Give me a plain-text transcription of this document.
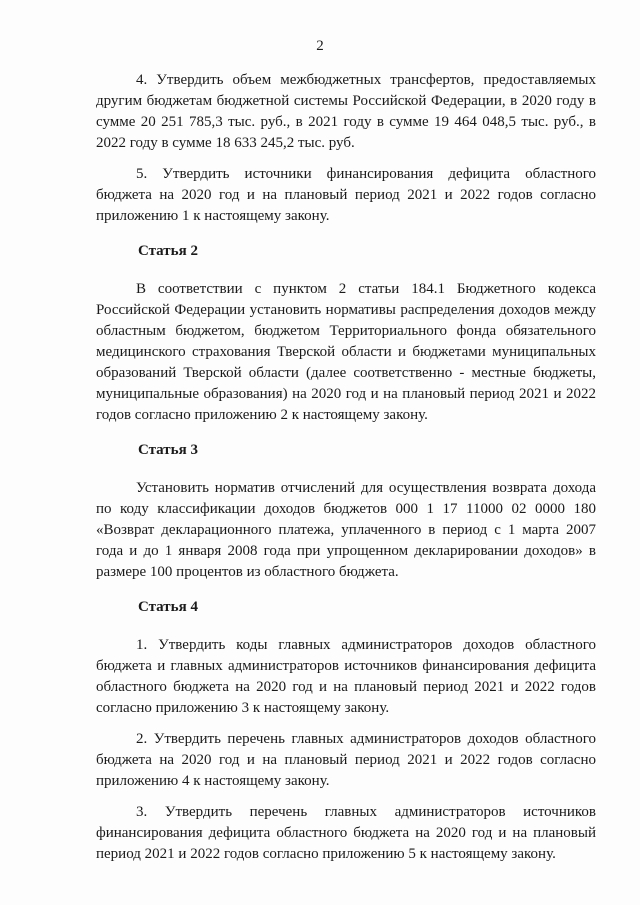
2

4. Утвердить объем межбюджетных трансфертов, предоставляемых другим бюджетам бюджетной системы Российской Федерации, в 2020 году в сумме 20 251 785,3 тыс. руб., в 2021 году в сумме 19 464 048,5 тыс. руб., в 2022 году в сумме 18 633 245,2 тыс. руб.

5. Утвердить источники финансирования дефицита областного бюджета на 2020 год и на плановый период 2021 и 2022 годов согласно приложению 1 к настоящему закону.

Статья 2

В соответствии с пунктом 2 статьи 184.1 Бюджетного кодекса Российской Федерации установить нормативы распределения доходов между областным бюджетом, бюджетом Территориального фонда обязательного медицинского страхования Тверской области и бюджетами муниципальных образований Тверской области (далее соответственно - местные бюджеты, муниципальные образования) на 2020 год и на плановый период 2021 и 2022 годов согласно приложению 2 к настоящему закону.

Статья 3

Установить норматив отчислений для осуществления возврата дохода по коду классификации доходов бюджетов 000 1 17 11000 02 0000 180 «Возврат декларационного платежа, уплаченного в период с 1 марта 2007 года и до 1 января 2008 года при упрощенном декларировании доходов» в размере 100 процентов из областного бюджета.

Статья 4

1. Утвердить коды главных администраторов доходов областного бюджета и главных администраторов источников финансирования дефицита областного бюджета на 2020 год и на плановый период 2021 и 2022 годов согласно приложению 3 к настоящему закону.

2. Утвердить перечень главных администраторов доходов областного бюджета на 2020 год и на плановый период 2021 и 2022 годов согласно приложению 4 к настоящему закону.

3. Утвердить перечень главных администраторов источников финансирования дефицита областного бюджета на 2020 год и на плановый период 2021 и 2022 годов согласно приложению 5 к настоящему закону.
